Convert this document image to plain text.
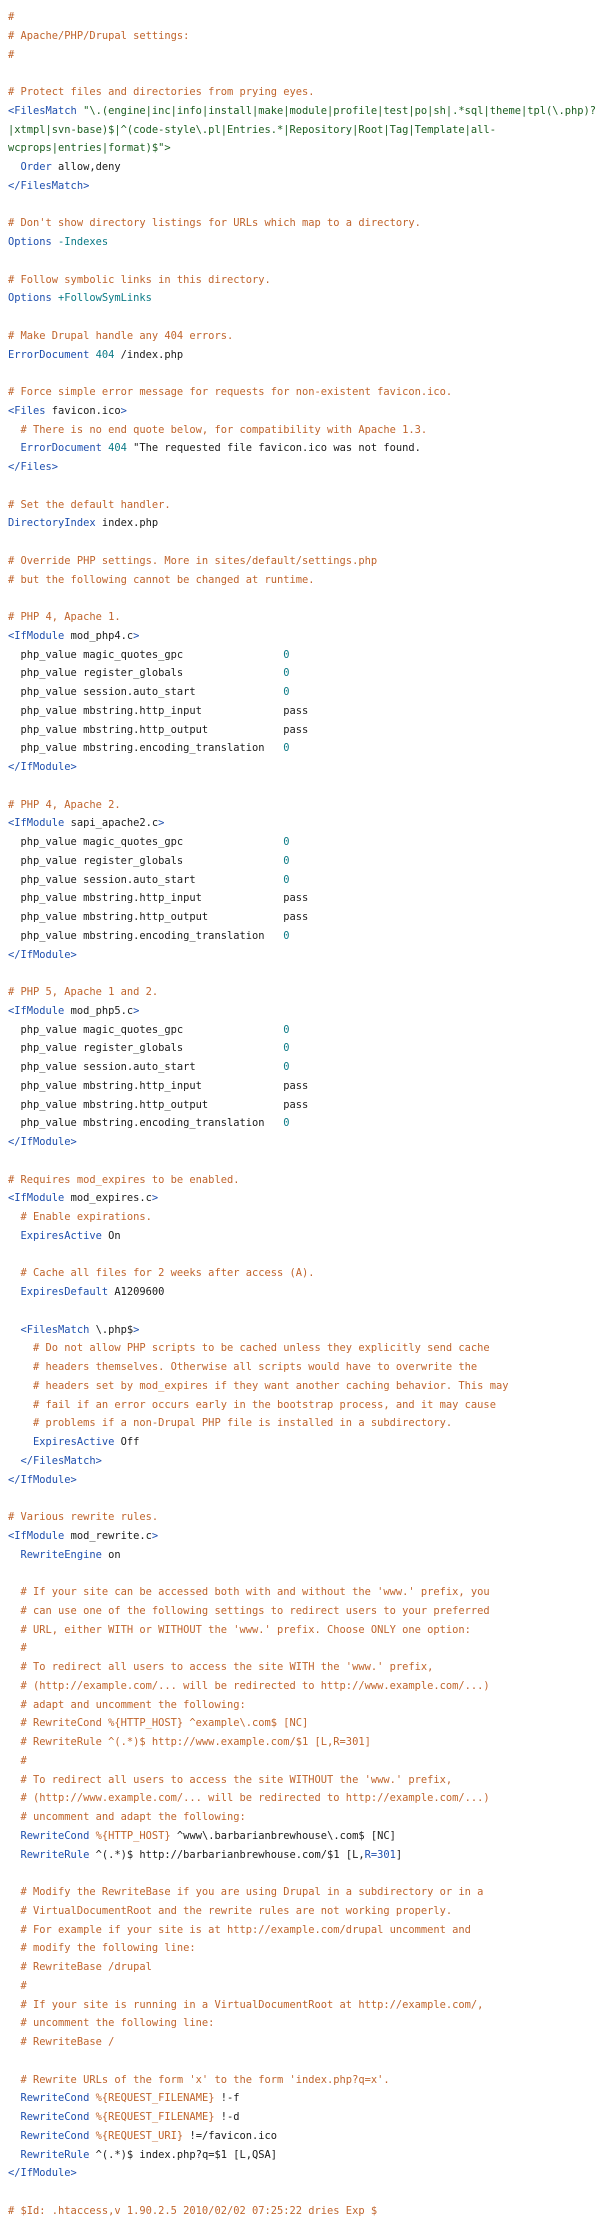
#
# Apache/PHP/Drupal settings:
#

# Protect files and directories from prying eyes.
<FilesMatch "\.(engine|inc|info|install|make|module|profile|test|po|sh|.*sql|theme|tpl(\.php)?
|xtmpl|svn-base)$|^(code-style\.pl|Entries.*|Repository|Root|Tag|Template|all-
wcprops|entries|format)$">
Order allow,deny
</FilesMatch>

# Don't show directory listings for URLs which map to a directory.
Options -Indexes

# Follow symbolic links in this directory.
Options +FollowSymLinks

# Make Drupal handle any 404 errors.
ErrorDocument 404 /index.php

# Force simple error message for requests for non-existent favicon.ico.
<Files favicon.ico>
# There is no end quote below, for compatibility with Apache 1.3.
ErrorDocument 404 "The requested file favicon.ico was not found.
</Files>

# Set the default handler.
DirectoryIndex index.php

# Override PHP settings. More in sites/default/settings.php
# but the following cannot be changed at runtime.

# PHP 4, Apache 1.
<IfModule mod_php4.c>
php_value magic_quotes_gpc                0
php_value register_globals                0
php_value session.auto_start              0
php_value mbstring.http_input             pass
php_value mbstring.http_output            pass
php_value mbstring.encoding_translation   0
</IfModule>

# PHP 4, Apache 2.
<IfModule sapi_apache2.c>
php_value magic_quotes_gpc                0
php_value register_globals                0
php_value session.auto_start              0
php_value mbstring.http_input             pass
php_value mbstring.http_output            pass
php_value mbstring.encoding_translation   0
</IfModule>

# PHP 5, Apache 1 and 2.
<IfModule mod_php5.c>
php_value magic_quotes_gpc                0
php_value register_globals                0
php_value session.auto_start              0
php_value mbstring.http_input             pass
php_value mbstring.http_output            pass
php_value mbstring.encoding_translation   0
</IfModule>

# Requires mod_expires to be enabled.
<IfModule mod_expires.c>
# Enable expirations.
ExpiresActive On

# Cache all files for 2 weeks after access (A).
ExpiresDefault A1209600

<FilesMatch \.php$>
# Do not allow PHP scripts to be cached unless they explicitly send cache
# headers themselves. Otherwise all scripts would have to overwrite the
# headers set by mod_expires if they want another caching behavior. This may
# fail if an error occurs early in the bootstrap process, and it may cause
# problems if a non-Drupal PHP file is installed in a subdirectory.
ExpiresActive Off
</FilesMatch>
</IfModule>

# Various rewrite rules.
<IfModule mod_rewrite.c>
RewriteEngine on

# If your site can be accessed both with and without the 'www.' prefix, you
# can use one of the following settings to redirect users to your preferred
# URL, either WITH or WITHOUT the 'www.' prefix. Choose ONLY one option:
#
# To redirect all users to access the site WITH the 'www.' prefix,
# (http://example.com/... will be redirected to http://www.example.com/...)
# adapt and uncomment the following:
# RewriteCond %{HTTP_HOST} ^example\.com$ [NC]
# RewriteRule ^(.*)$ http://www.example.com/$1 [L,R=301]
#
# To redirect all users to access the site WITHOUT the 'www.' prefix,
# (http://www.example.com/... will be redirected to http://example.com/...)
# uncomment and adapt the following:
RewriteCond %{HTTP_HOST} ^www\.barbarianbrewhouse\.com$ [NC]
RewriteRule ^(.*)$ http://barbarianbrewhouse.com/$1 [L,R=301]

# Modify the RewriteBase if you are using Drupal in a subdirectory or in a
# VirtualDocumentRoot and the rewrite rules are not working properly.
# For example if your site is at http://example.com/drupal uncomment and
# modify the following line:
# RewriteBase /drupal
#
# If your site is running in a VirtualDocumentRoot at http://example.com/,
# uncomment the following line:
# RewriteBase /

# Rewrite URLs of the form 'x' to the form 'index.php?q=x'.
RewriteCond %{REQUEST_FILENAME} !-f
RewriteCond %{REQUEST_FILENAME} !-d
RewriteCond %{REQUEST_URI} !=/favicon.ico
RewriteRule ^(.*)$ index.php?q=$1 [L,QSA]
</IfModule>

# $Id: .htaccess,v 1.90.2.5 2010/02/02 07:25:22 dries Exp $
